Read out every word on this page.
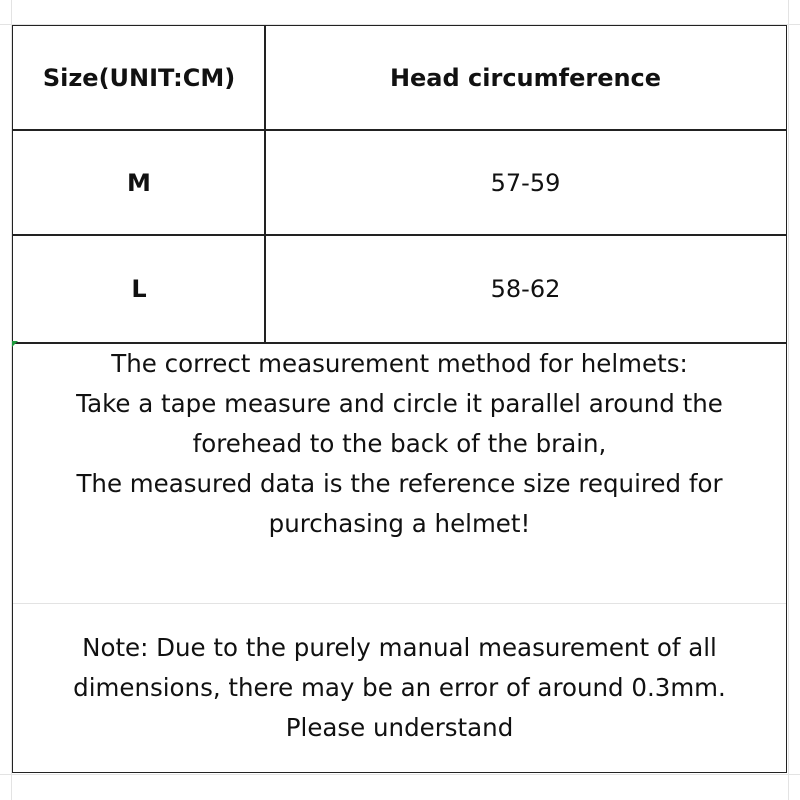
Size(UNIT:CM)	Head circumference
M	57-59
L	58-62
The correct measurement method for helmets:
Take a tape measure and circle it parallel around the
forehead to the back of the brain,
The measured data is the reference size required for
purchasing a helmet!
Note: Due to the purely manual measurement of all
dimensions, there may be an error of around 0.3mm.
Please understand
